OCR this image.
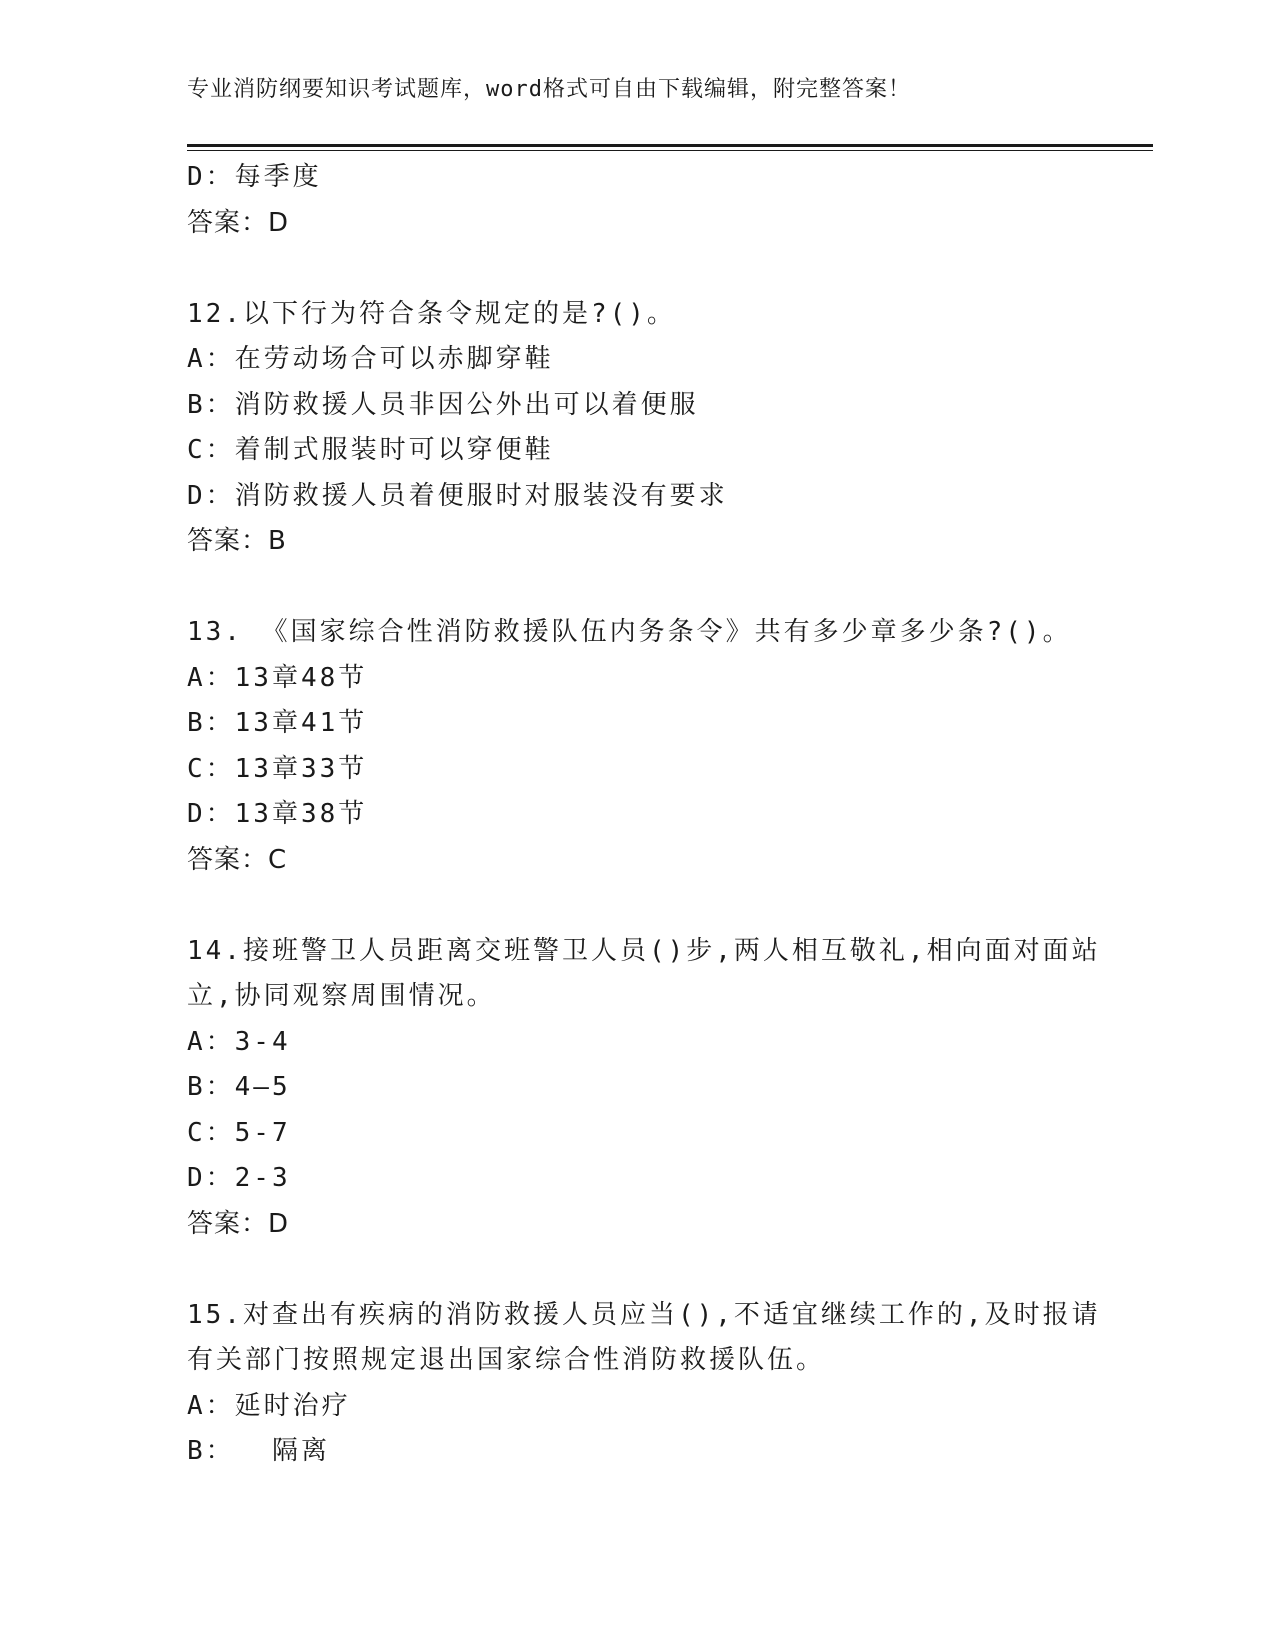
专业消防纲要知识考试题库，word格式可自由下载编辑，附完整答案！
D：每季度
答案：D
12.以下行为符合条令规定的是?()。
A：在劳动场合可以赤脚穿鞋
B：消防救援人员非因公外出可以着便服
C：着制式服装时可以穿便鞋
D：消防救援人员着便服时对服装没有要求
答案：B
13. 《国家综合性消防救援队伍内务条令》共有多少章多少条?()。
A：13章48节
B：13章41节
C：13章33节
D：13章38节
答案：C
14.接班警卫人员距离交班警卫人员()步,两人相互敬礼,相向面对面站
立,协同观察周围情况。
A：3-4
B：4—5
C：5-7
D：2-3
答案：D
15.对查出有疾病的消防救援人员应当(),不适宜继续工作的,及时报请
有关部门按照规定退出国家综合性消防救援队伍。
A：延时治疗
B：  隔离
